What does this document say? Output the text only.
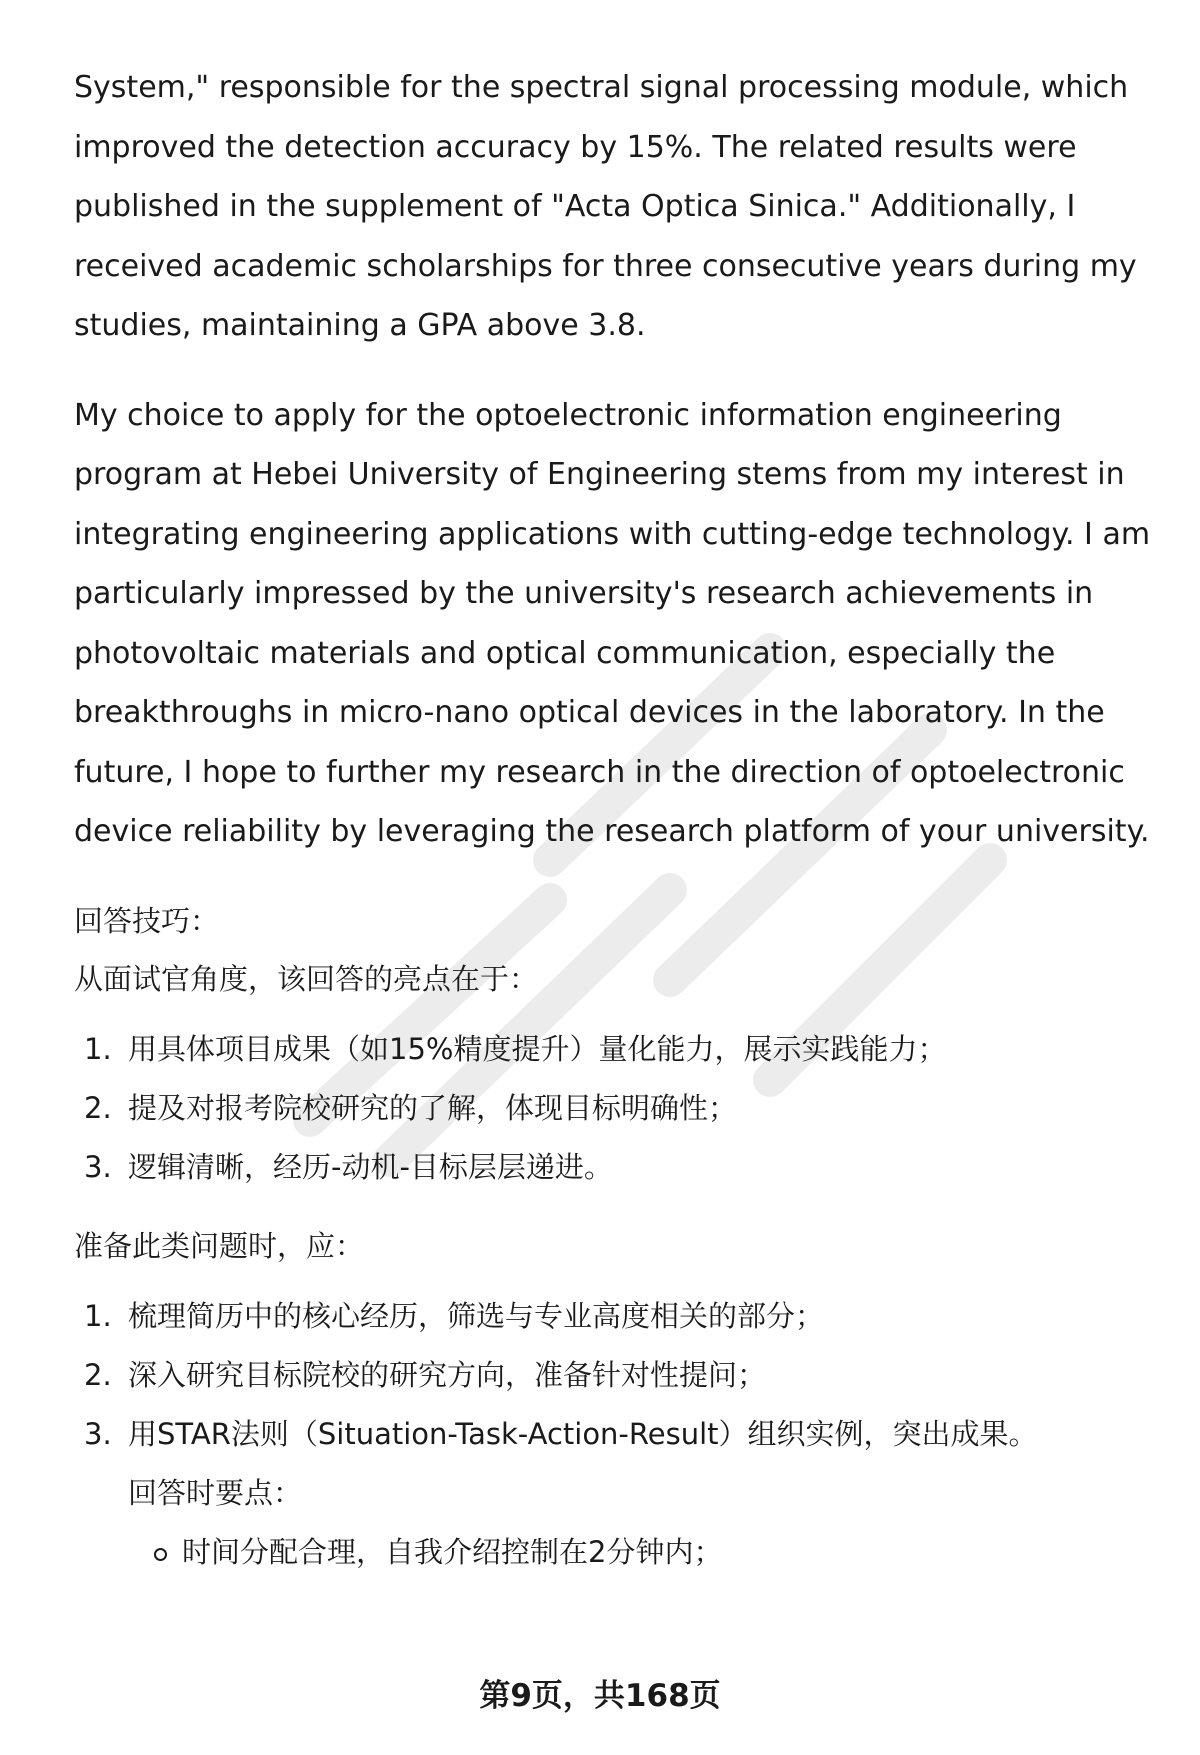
System," responsible for the spectral signal processing module, which improved the detection accuracy by 15%. The related results were published in the supplement of "Acta Optica Sinica." Additionally, I received academic scholarships for three consecutive years during my studies, maintaining a GPA above 3.8.

My choice to apply for the optoelectronic information engineering program at Hebei University of Engineering stems from my interest in integrating engineering applications with cutting-edge technology. I am particularly impressed by the university's research achievements in photovoltaic materials and optical communication, especially the breakthroughs in micro-nano optical devices in the laboratory. In the future, I hope to further my research in the direction of optoelectronic device reliability by leveraging the research platform of your university.

回答技巧：

从面试官角度，该回答的亮点在于：

1. 用具体项目成果（如15%精度提升）量化能力，展示实践能力；
2. 提及对报考院校研究的了解，体现目标明确性；
3. 逻辑清晰，经历-动机-目标层层递进。

准备此类问题时，应：

1. 梳理简历中的核心经历，筛选与专业高度相关的部分；
2. 深入研究目标院校的研究方向，准备针对性提问；
3. 用STAR法则（Situation-Task-Action-Result）组织实例，突出成果。

回答时要点：

时间分配合理，自我介绍控制在2分钟内；

第9页，共168页
